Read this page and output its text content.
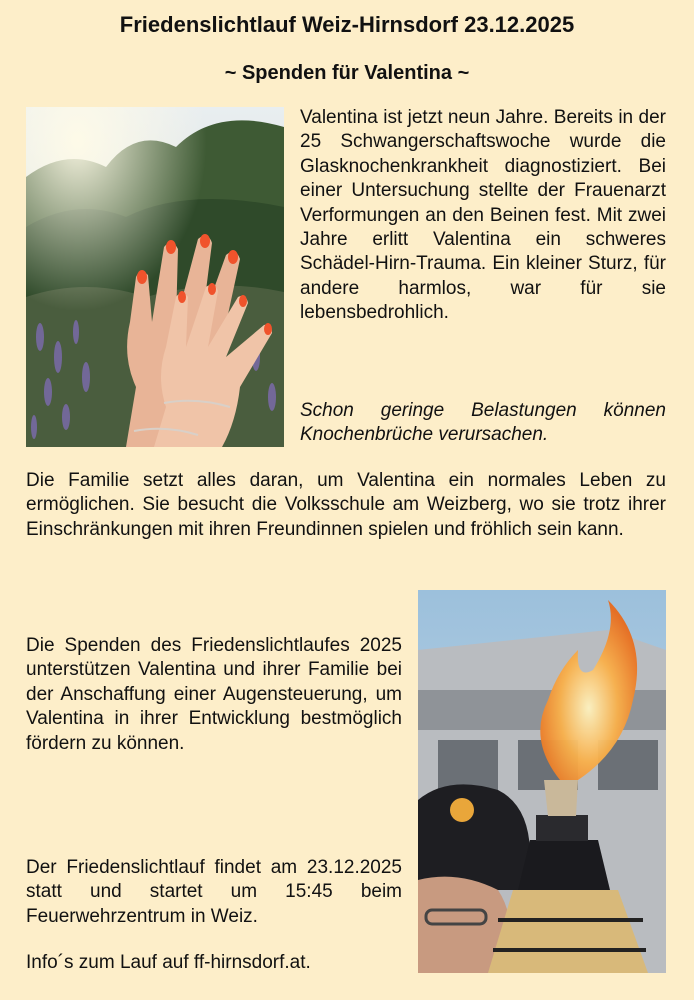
Friedenslichtlauf Weiz-Hirnsdorf 23.12.2025
~ Spenden für Valentina ~

Valentina ist jetzt neun Jahre. Bereits in der 25 Schwangerschaftswoche wurde die Glasknochenkrankheit diagnostiziert. Bei einer Untersuchung stellte der Frauenarzt Verformungen an den Beinen fest. Mit zwei Jahre erlitt Valentina ein schweres Schädel-Hirn-Trauma. Ein kleiner Sturz, für andere harmlos, war für sie lebensbedrohlich.

Schon geringe Belastungen können Knochenbrüche verursachen.

Die Familie setzt alles daran, um Valentina ein normales Leben zu ermöglichen. Sie besucht die Volksschule am Weizberg, wo sie trotz ihrer Einschränkungen mit ihren Freundinnen spielen und fröhlich sein kann.

Die Spenden des Friedenslichtlaufes 2025 unterstützen Valentina und ihrer Familie bei der Anschaffung einer Augensteuerung, um Valentina in ihrer Entwicklung bestmöglich fördern zu können.

Der Friedenslichtlauf findet am 23.12.2025 statt und startet um 15:45 beim Feuerwehrzentrum in Weiz.

Info´s zum Lauf auf ff-hirnsdorf.at.
